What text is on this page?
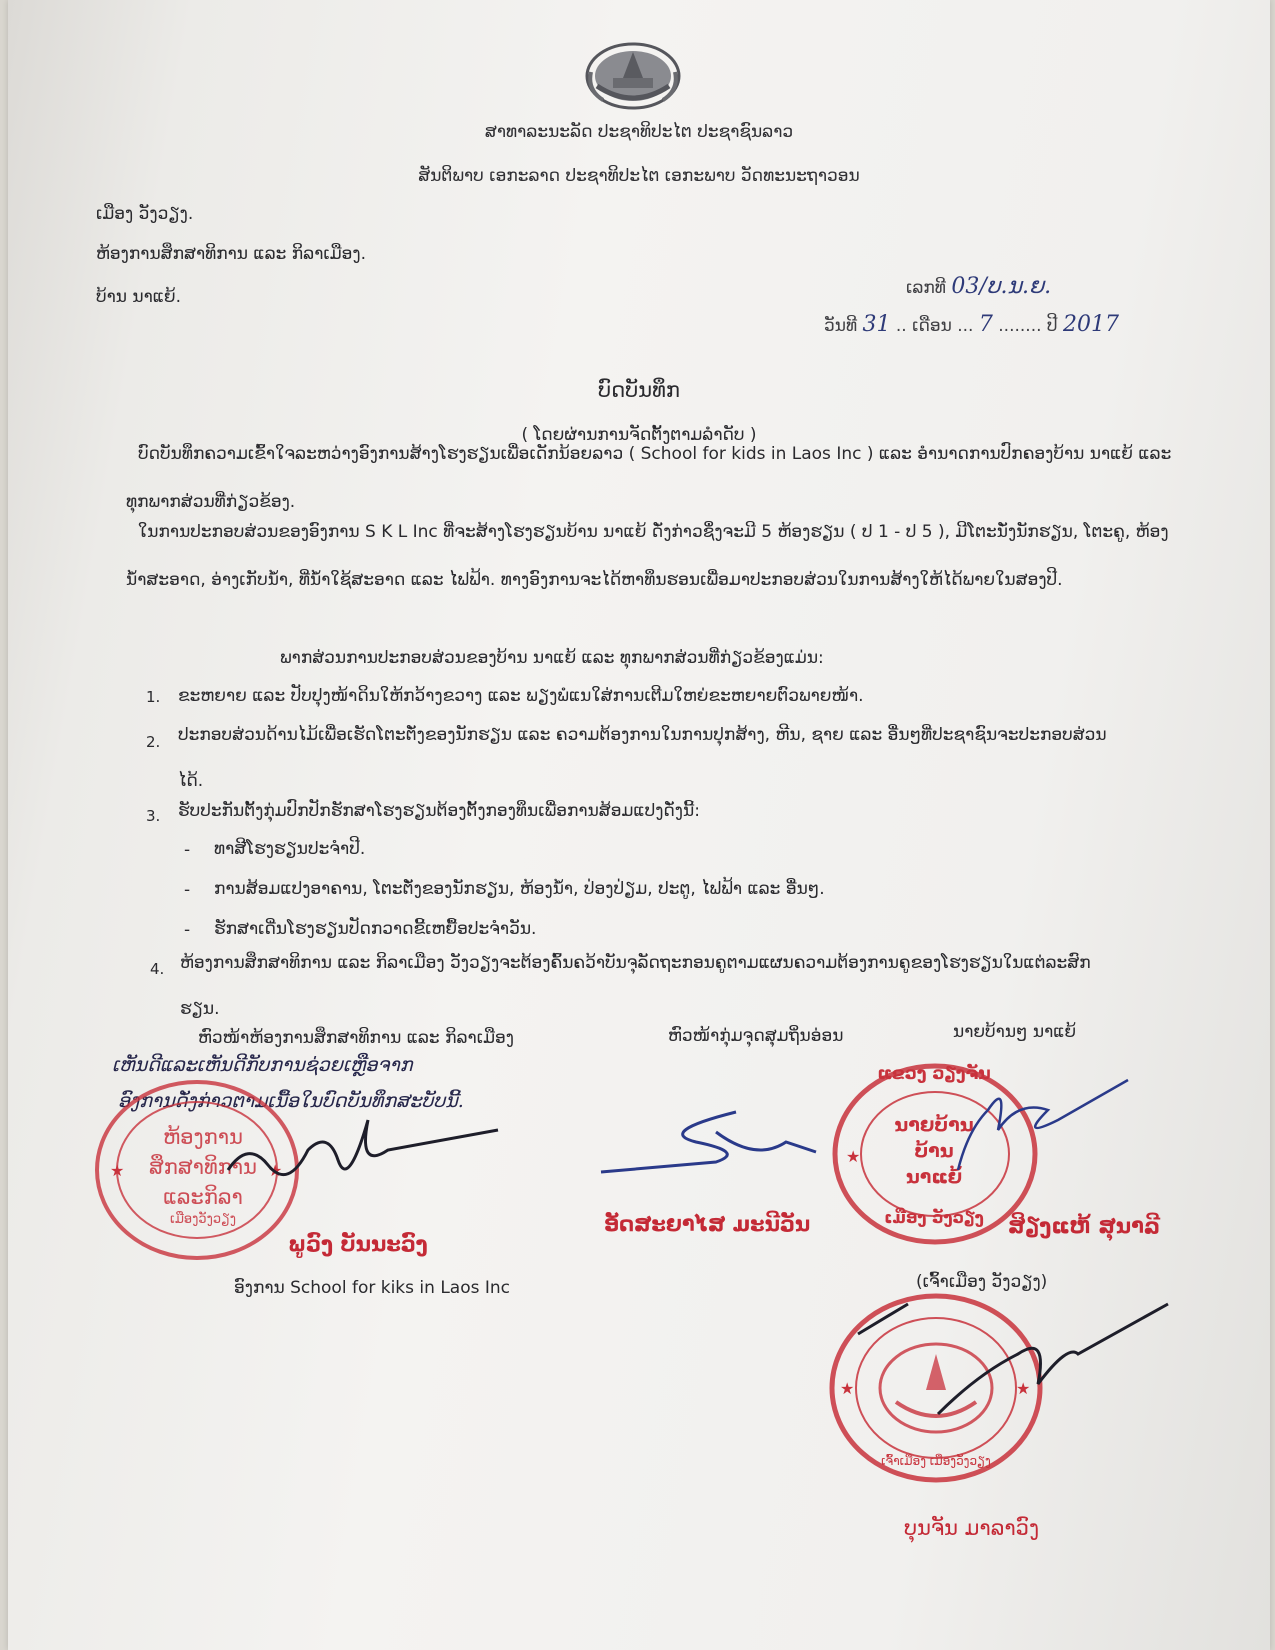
ສາທາລະນະລັດ ປະຊາທິປະໄຕ ປະຊາຊົນລາວ
ສັນຕິພາບ ເອກະລາດ ປະຊາທິປະໄຕ ເອກະພາບ ວັດທະນະຖາວອນ
ເມືອງ ວັງວຽງ.
ຫ້ອງການສຶກສາທິການ ແລະ ກິລາເມືອງ.
ບ້ານ ນາແຍ້.	ເລກທີ 03/ບ.ນ.ຍ.
ວັນທີ 31 .. ເດືອນ ... 7 ........ ປີ 2017
ບົດບັນທຶກ
( ໂດຍຜ່ານການຈັດຕັ້ງຕາມລຳດັບ )
ບົດບັນທຶກຄວາມເຂົ້າໃຈລະຫວ່າງອົງການສ້າງໂຮງຮຽນເພື່ອເດັກນ້ອຍລາວ ( School for kids in Laos Inc ) ແລະ ອຳນາດການປົກຄອງບ້ານ ນາແຍ້ ແລະ ທຸກພາກສ່ວນທີ່ກ່ຽວຂ້ອງ.
ໃນການປະກອບສ່ວນຂອງອົງການ S K L Inc ທີ່ຈະສ້າງໂຮງຮຽນບ້ານ ນາແຍ້ ດັ່ງກ່າວຊຶ່ງຈະມີ 5 ຫ້ອງຮຽນ ( ປ 1 - ປ 5 ), ມີໂຕະນັ່ງນັກຮຽນ, ໂຕະຄູ, ຫ້ອງນ້ຳສະອາດ, ອ່າງເກັບນ້ຳ, ທີ່ນ້ຳໃຊ້ສະອາດ ແລະ ໄຟຟ້າ. ທາງອົງການຈະໄດ້ຫາທຶນຮອນເພື່ອມາປະກອບສ່ວນໃນການສ້າງໃຫ້ໄດ້ພາຍໃນສອງປີ.
ພາກສ່ວນການປະກອບສ່ວນຂອງບ້ານ ນາແຍ້ ແລະ ທຸກພາກສ່ວນທີ່ກ່ຽວຂ້ອງແມ່ນ:
1. ຂະຫຍາຍ ແລະ ປັບປຸງໜ້າດິນໃຫ້ກວ້າງຂວາງ ແລະ ພຽງພໍແນໃສ່ການເຕີມໃຫຍ່ຂະຫຍາຍຕົວພາຍໜ້າ.
2. ປະກອບສ່ວນດ້ານໄມ້ເພື່ອເຮັດໂຕະຕັ່ງຂອງນັກຮຽນ ແລະ ຄວາມຕ້ອງການໃນການປຸກສ້າງ, ຫີນ, ຊາຍ ແລະ ອື່ນໆທີ່ປະຊາຊົນຈະປະກອບສ່ວນໄດ້.
3. ຮັບປະກັນຕັ້ງກຸ່ມປົກປັກຮັກສາໂຮງຮຽນຕ້ອງຕັ້ງກອງທຶນເພື່ອການສ້ອມແປງດັ່ງນີ້:
- ທາສີໂຮງຮຽນປະຈຳປີ.
- ການສ້ອມແປງອາຄານ, ໂຕະຕັ່ງຂອງນັກຮຽນ, ຫ້ອງນ້ຳ, ປ່ອງປ່ຽມ, ປະຕູ, ໄຟຟ້າ ແລະ ອື່ນໆ.
- ຮັກສາເດີ່ນໂຮງຮຽນປັດກວາດຂີ້ເຫຍື້ອປະຈຳວັນ.
4. ຫ້ອງການສຶກສາທິການ ແລະ ກິລາເມືອງ ວັງວຽງຈະຕ້ອງຄົ້ນຄວ້າບັນຈຸລັດຖະກອນຄູຕາມແຜນຄວາມຕ້ອງການຄູຂອງໂຮງຮຽນໃນແຕ່ລະສົກຮຽນ.
ຫົວໜ້າຫ້ອງການສຶກສາທິການ ແລະ ກິລາເມືອງ	ຫົວໜ້າກຸ່ມຈຸດສຸມຖິ່ນອ່ອນ	ນາຍບ້ານໆ ນາແຍ້
ເຫັນດີແລະເຫັນດີກັບການຊ່ວຍເຫຼືອຈາກ
ອົງການດັ່ງກ່າວຕາມເນື້ອໃນບົດບັນທຶກສະບັບນີ້.
★	★
ຫ້ອງການ
ສຶກສາທິການ
ແລະກິລາ
ເມືອງວັງວຽງ
ພູວົງ ບັນນະວົງ
ອົງການ School for kiks in Laos Inc
ອັດສະຍາໄສ ມະນີວັນ
★
ແຂວງ ວຽງຈັນ
ນາຍບ້ານ
ບ້ານ
ນາແຍ້
ເມືອງ ວັງວຽງ	ສິຽງແຫ້ ສຸນາລີ
(ເຈົ້າເມືອງ ວັງວຽງ)
★	★
ເຈົ້າເມືອງ ເມືອງວັງວຽງ
ບຸນຈັນ ມາລາວົງ
